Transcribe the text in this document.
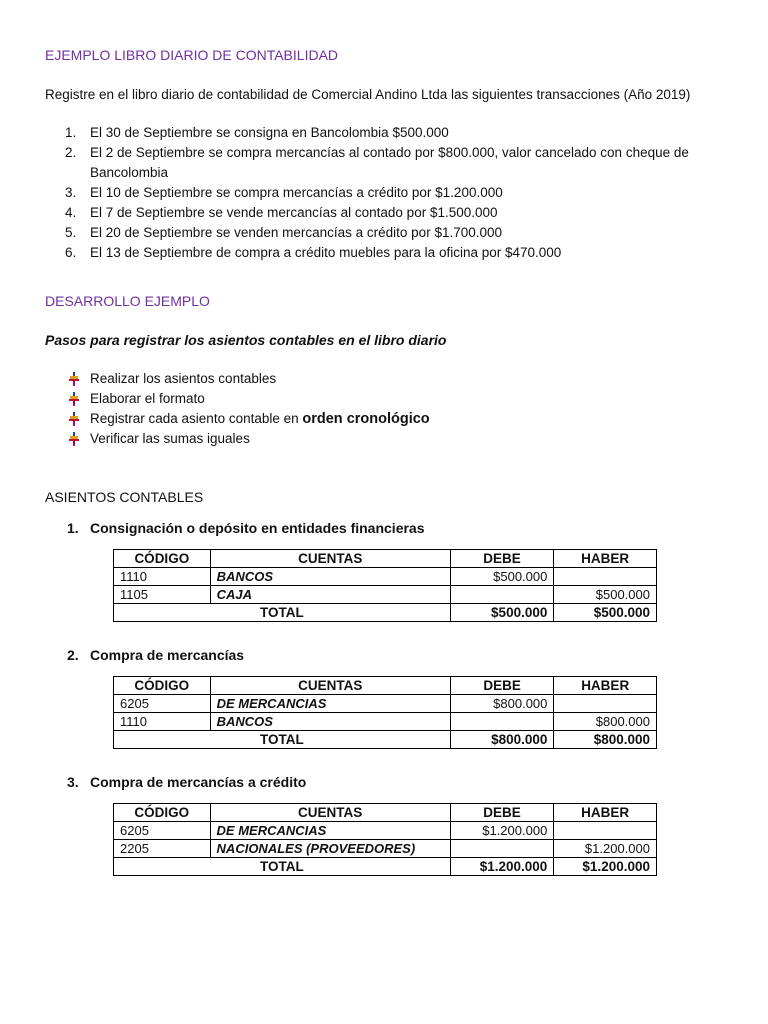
EJEMPLO LIBRO DIARIO DE CONTABILIDAD
Registre en el libro diario de contabilidad de Comercial Andino Ltda las siguientes transacciones (Año 2019)
1. El 30 de Septiembre se consigna en Bancolombia $500.000
2. El 2 de Septiembre se compra mercancías al contado por $800.000, valor cancelado con cheque de Bancolombia
3. El 10 de Septiembre se compra mercancías a crédito por $1.200.000
4. El 7 de Septiembre se vende mercancías al contado por $1.500.000
5. El 20 de Septiembre se venden mercancías a crédito por $1.700.000
6. El 13 de Septiembre de compra a crédito muebles para la oficina por $470.000
DESARROLLO EJEMPLO
Pasos para registrar los asientos contables en el libro diario
Realizar los asientos contables
Elaborar el formato
Registrar cada asiento contable en orden cronológico
Verificar las sumas iguales
ASIENTOS CONTABLES
1. Consignación o depósito en entidades financieras
CÓDIGO	CUENTAS	DEBE	HABER
1110	BANCOS	$500.000	
1105	CAJA		$500.000
TOTAL		$500.000	$500.000
2. Compra de mercancías
CÓDIGO	CUENTAS	DEBE	HABER
6205	DE MERCANCIAS	$800.000	
1110	BANCOS		$800.000
TOTAL		$800.000	$800.000
3. Compra de mercancías a crédito
CÓDIGO	CUENTAS	DEBE	HABER
6205	DE MERCANCIAS	$1.200.000	
2205	NACIONALES (PROVEEDORES)		$1.200.000
TOTAL		$1.200.000	$1.200.000
